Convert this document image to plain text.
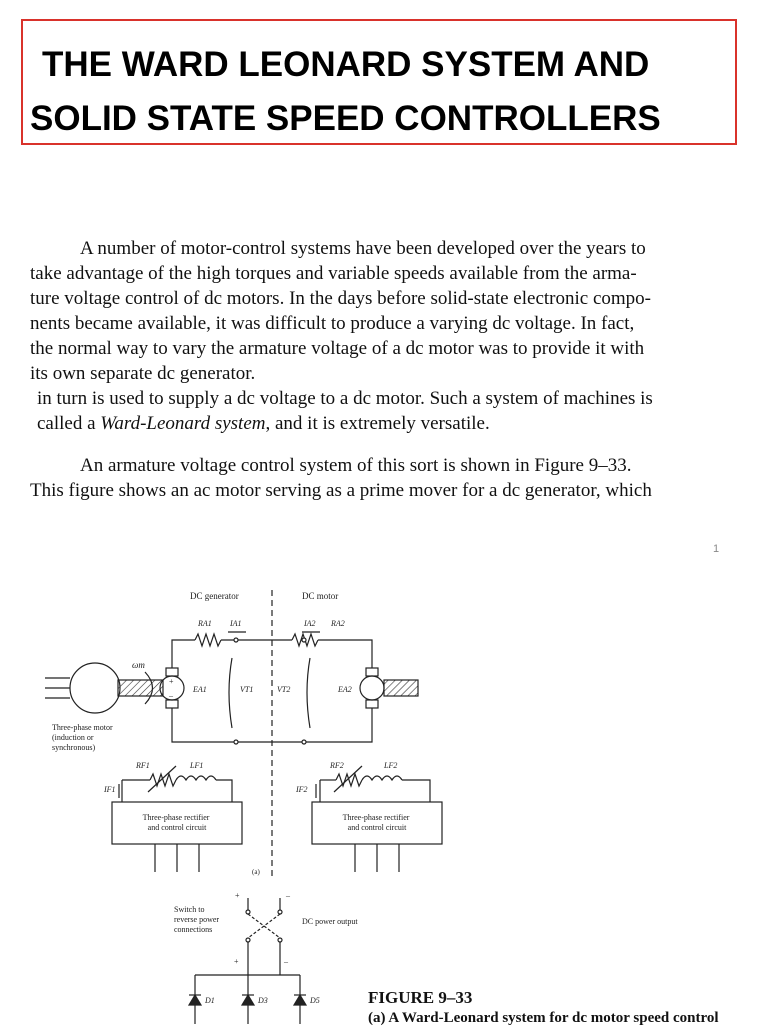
THE WARD LEONARD SYSTEM AND
SOLID STATE SPEED CONTROLLERS

A number of motor-control systems have been developed over the years to
take advantage of the high torques and variable speeds available from the arma-
ture voltage control of dc motors. In the days before solid-state electronic compo-
nents became available, it was difficult to produce a varying dc voltage. In fact,
the normal way to vary the armature voltage of a dc motor was to provide it with
its own separate dc generator.

in turn is used to supply a dc voltage to a dc motor. Such a system of machines is
called a Ward-Leonard system, and it is extremely versatile.

An armature voltage control system of this sort is shown in Figure 9–33.
This figure shows an ac motor serving as a prime mover for a dc generator, which

1
DC generator	DC motor
ωm
Three-phase motor (induction or synchronous)
+
–
EA1
RA1 IA1	IA2 RA2
VT1	VT2	EA2
RF1	LF1
IF1
Three-phase rectifier and control circuit
RF2	LF2
IF2
Three-phase rectifier and control circuit
(a)
Switch to reverse power connections
+	–
DC power output
+	–
D1	D3	D5	FIGURE 9–33
(a) A Ward-Leonard system for dc motor speed control
